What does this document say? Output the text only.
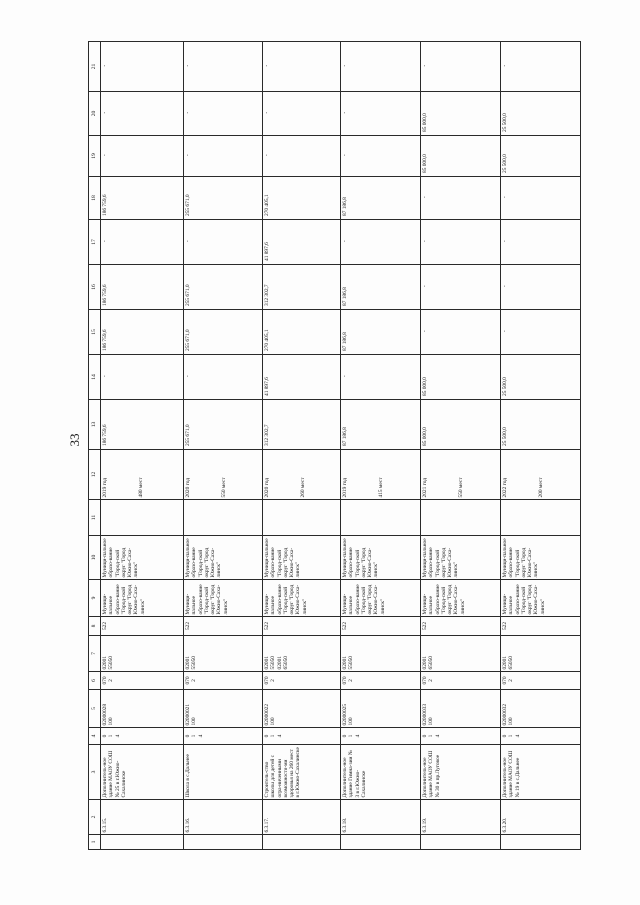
33
1	2	3	4	5	6	7	8	9	10	11	12	13	14	15	16	17	18	19	20	21
	6.3.15.	Дополнитель-ное здание МАОУ СОШ № 25 в г.Южно-Сахалинске	014	02000028 100	0702	02001 55050	522	Муници-пальное образо-вание "Город-ской округ "Город Южно-Саха-линск"	Муници-пальное образо-вание "Город-ской округ "Город Южно-Саха-линск"		2019 год 480 мест	186 759,6	-	186 759,6	186 759,6	-	186 759,6	-	-	-
	6.3.16.	Школа в с.Дальнее	014	02000021 100	0702	02001 55050	522	Муници-пальное образо-вание "Город-ской округ "Город Южно-Саха-линск"	Муници-пальное образо-вание "Город-ской округ "Город Южно-Саха-линск"		2020 год 550 мест	255 671,0	-	255 671,0	255 671,0	-	255 671,0	-	-	-
	6.3.17.	Строитель-ство школы для детей с огра-ниченными возможностя-ми здоровья на 260 мест в г.Южно-Сахалинске	014	02000022 100	0702	02001 55050 02001 65050	522	Муници-пальное образо-вание "Город-ской округ "Город Южно-Саха-линск"	Муници-пальное образо-вание "Город-ской округ "Город Южно-Саха-линск"		2020 год 260 мест	312 302,7	41 897,6	270 405,1	312 302,7	41 897,6	270 405,1	-	-	-
	6.3.18.	Дополнитель-ное здание Гимна-зии № 3 в г.Южно-Сахалинске	014	02000025 100	0702	02001 55050	522	Муници-пальное образо-вание "Город-ской округ "Город Южно-Саха-линск"	Муници-пальное образо-вание "Город-ской округ "Город Южно-Саха-линск"		2019 год 415 мест	87 186,8	-	87 186,8	87 186,8	-	87 186,8	-	-	-
	6.3.19.	Дополнитель-ное здание МАОУ СОШ № 30 в пр.Луговое	014	02000033 100	0702	02001 65050	522	Муници-пальное образо-вание "Город-ской округ "Город Южно-Саха-линск"	Муници-пальное образо-вание "Город-ской округ "Город Южно-Саха-линск"		2021 год 550 мест	85 000,0	85 000,0	-	-	-	-	85 000,0	85 000,0	-
	6.3.20.	Дополнитель-ное здание МАОУ СОШ № 19 в с.Дальнее	014	02000032 100	0702	02001 65050	522	Муници-пальное образо-вание "Город-ской округ "Город Южно-Саха-линск"	Муници-пальное образо-вание "Город-ской округ "Город Южно-Саха-линск"		2022 год 200 мест	25 500,0	25 500,0	-	-	-	-	25 500,0	25 500,0	-
